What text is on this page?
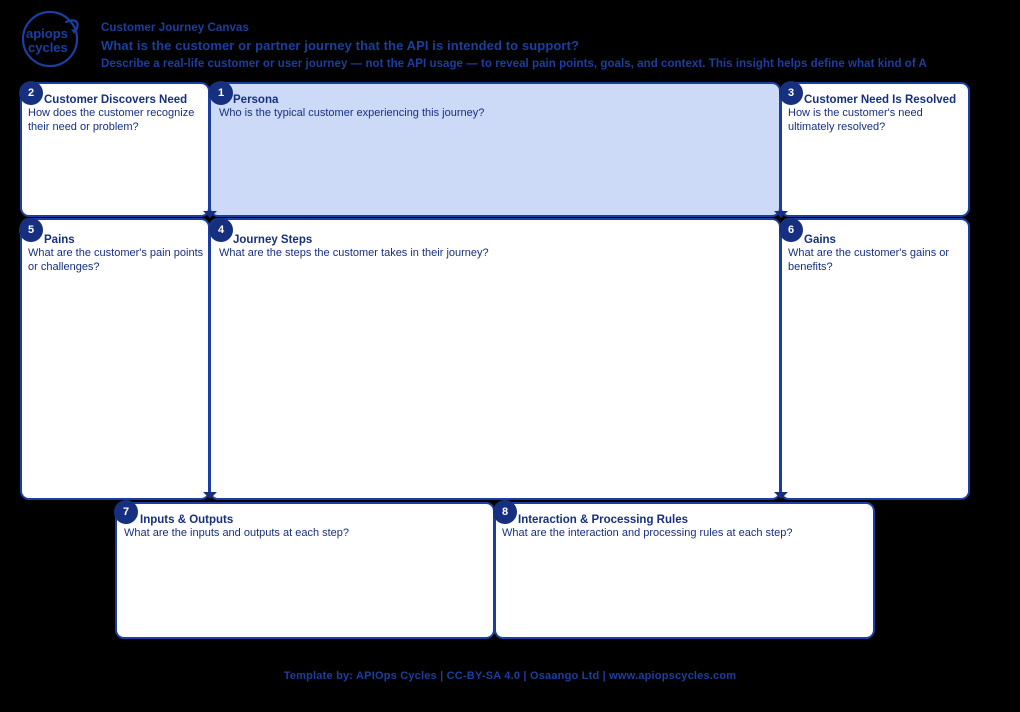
apiops
cycles
Customer Journey Canvas
What is the customer or partner journey that the API is intended to support?
Describe a real-life customer or user journey — not the API usage — to reveal pain points, goals, and context. This insight helps define what kind of A
1
2	3
4
5	6
7	8
Customer Discovers Need
How does the customer recognize their need or problem?
Persona
Who is the typical customer experiencing this journey?
Customer Need Is Resolved
How is the customer's need ultimately resolved?
Pains
What are the customer's pain points or challenges?
Journey Steps
What are the steps the customer takes in their journey?
Gains
What are the customer's gains or benefits?
Inputs & Outputs
What are the inputs and outputs at each step?
Interaction & Processing Rules
What are the interaction and processing rules at each step?
Template by: APIOps Cycles | CC-BY-SA 4.0 | Osaango Ltd | www.apiopscycles.com
